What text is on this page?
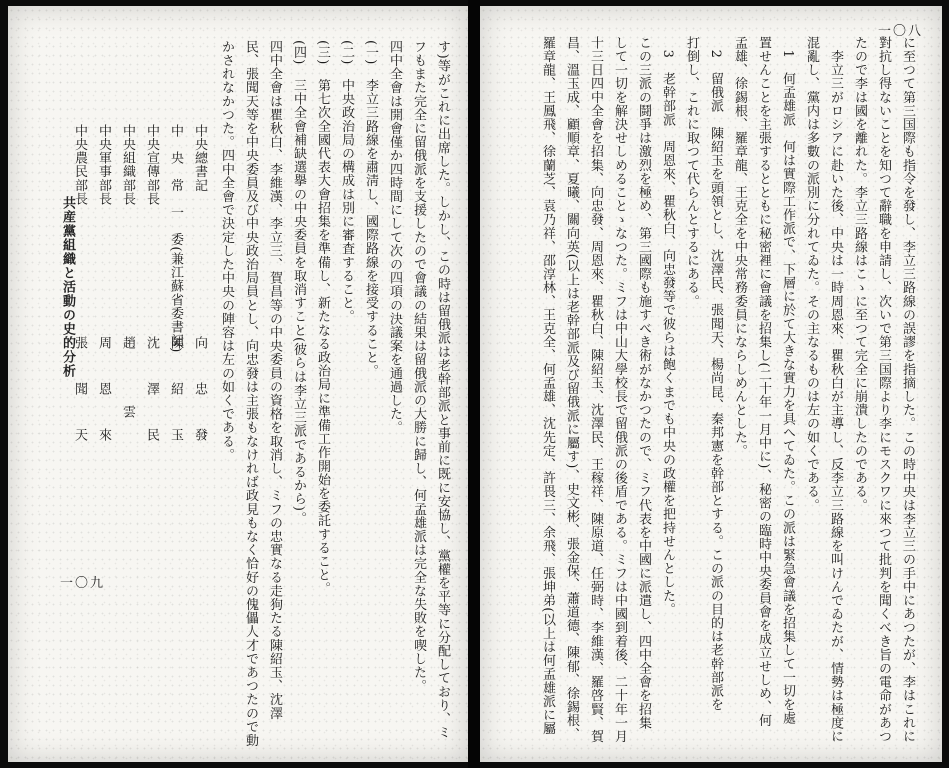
一〇八
に至つて第三国際も指令を發し、李立三路線の誤謬を指摘した。この時中央は李立三の手中にあつたが、李はこれに
對抗し得ないことを知つて辭職を申請し、次いで第三国際より李にモスクワに來つて批判を聞くべき旨の電命があつ
たので李は國を離れた。李立三路線はこゝに至つて完全に崩潰したのである。
　李立三がロシアに赴いた後、中央は一時周恩來、瞿秋白が主導し、反李立三路線を叫けんでゐたが、情勢は極度に
混亂し、黨内は多數の派別に分れてゐた。その主なるものは左の如くである。
　1　何孟雄派　何は實際工作派で、下層に於て大きな實力を具へてゐた。この派は緊急會議を招集して一切を處
置せんことを主張するとともに秘密裡に會議を招集し(二十年一月中に)、秘密の臨時中央委員會を成立せしめ、何
孟雄、徐錫根、羅章龍、王克全を中央常務委員にならしめんとした。
　2　留俄派　陳紹玉を頭領とし、沈澤民、張聞天、楊尚昆、秦邦憲を幹部とする。この派の目的は老幹部派を
打倒し、これに取つて代らんとするにある。
　3　老幹部派　周恩來、瞿秋白、向忠發等で彼らは飽くまでも中央の政權を把持せんとした。
この三派の鬪爭は激烈を極め、第三國際も施すべき術がなかつたので、ミフ代表を中國に派遣し、四中全會を招集
して一切を解決せしめることゝなつた。ミフは中山大學校長で留俄派の後盾である。ミフは中國到着後、二十年一月
十三日四中全會を招集、向忠發、周恩來、瞿秋白、陳紹玉、沈澤民、王稼祥、陳原道、任弼時、李維漢、羅啓賢、賀
昌、溫玉成、顧順章、夏曦、關向英(以上は老幹部派及び留俄派に屬す)、史文彬、張金保、蕭道德、陳郁、徐錫根、
羅章龍、王鳳飛、徐蘭芝、袁乃祥、邵淳林、王克全、何孟雄、沈先定、許畏三、余飛、張坤弟(以上は何孟雄派に屬
す)等がこれに出席した。しかし、この時は留俄派は老幹部派と事前に既に安協し、黨權を平等に分配しており、ミ
フもまた完全に留俄派を支援したので會議の結果は留俄派の大勝に歸し、何孟雄派は完全な失敗を喫した。
四中全會は開會僅か四時間にして次の四項の決議案を通過した。
(一)　李立三路線を肅淸し、國際路線を接受すること。
(二)　中央政治局の構成は別に審査すること。
(三)　第七次全國代表大會招集を準備し、新たなる政治局に準備工作開始を委託すること。
(四)　三中全會補缺選擧の中央委員を取消すこと(彼らは李立三派であるから)。
四中全會は瞿秋白、李維漢、李立三、賀昌等の中央委員の資格を取消し、ミフの忠實なる走狗たる陳紹玉、沈澤
民、張聞天等を中央委員及び中央政治局員とし、向忠發は主張もなければ政見もなく恰好の傀儡人才であつたので動
かされなかつた。四中全會で決定した中央の陣容は左の如くである。
中央總書記
向　忠　發
中　央　常　一　委(兼江蘇省委書記)
陳　紹　玉
中央宣傳部長
沈　澤　民
中央組織部長
趙　　雲
中央軍事部長
周　恩　來
中央農民部長
張　聞　天
共産黨組織と活動の史的分析
一〇九
